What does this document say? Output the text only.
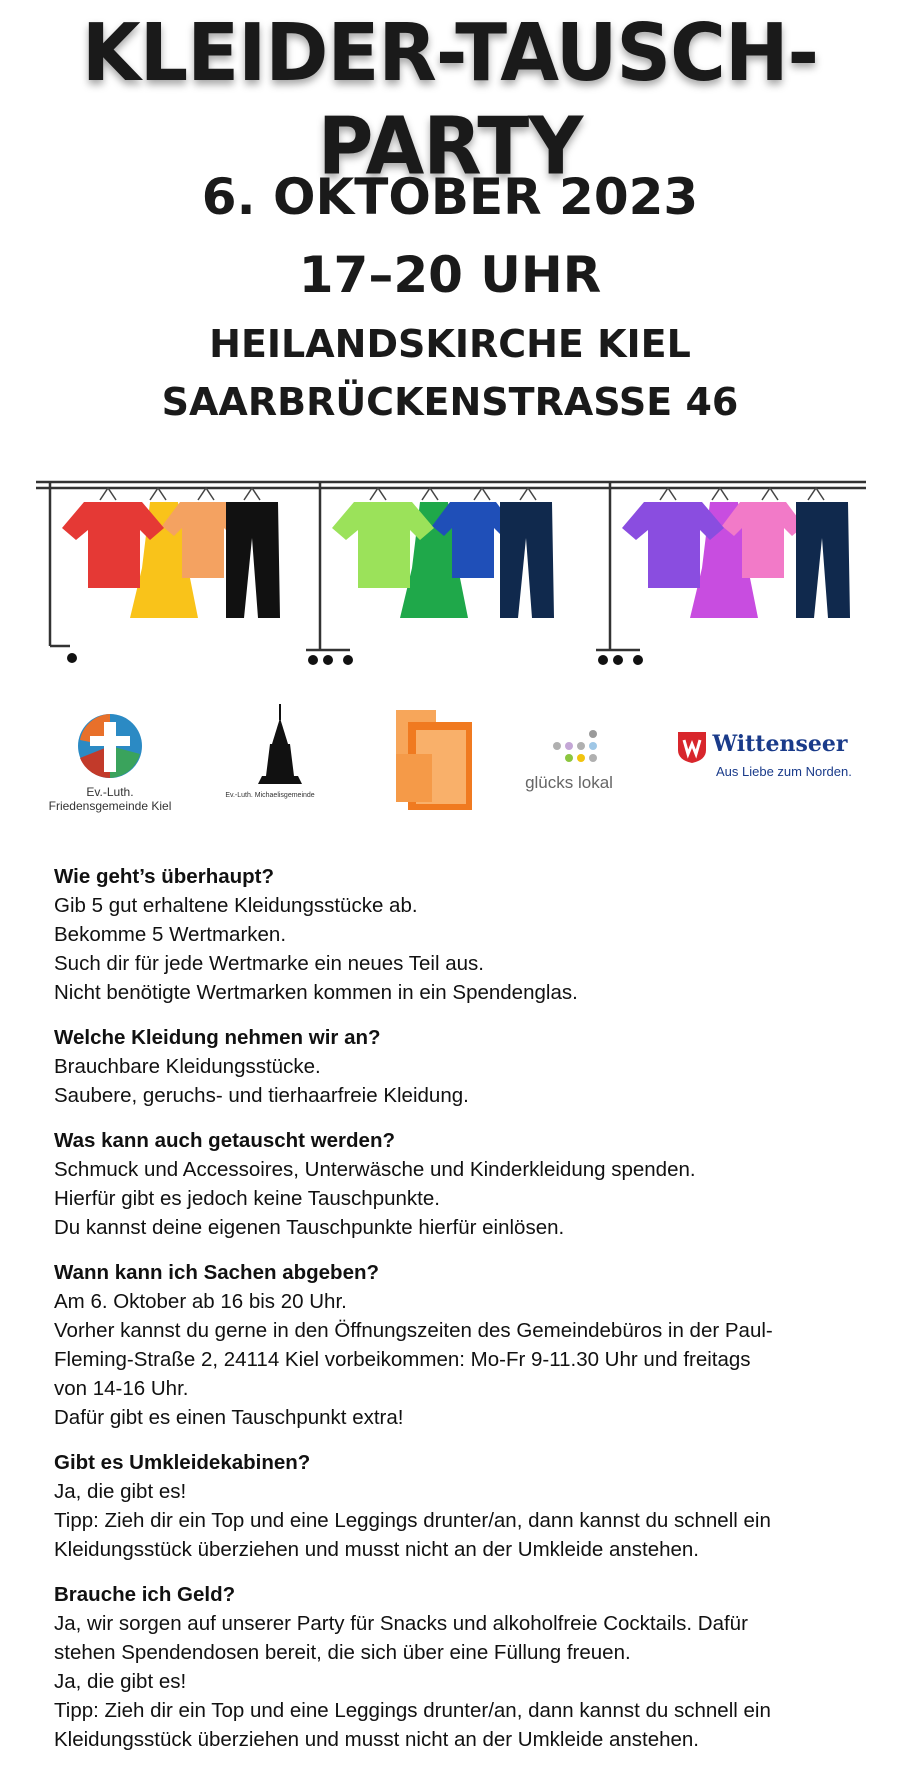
KLEIDER-TAUSCH-PARTY
6. OKTOBER 2023
17–20 UHR
HEILANDSKIRCHE KIEL
SAARBRÜCKENSTRASSE 46
Ev.-Luth.
Friedensgemeinde Kiel
Ev.-Luth. Michaelisgemeinde
glücks lokal
Wittenseer
Aus Liebe zum Norden.
Wie geht’s überhaupt?
Gib 5 gut erhaltene Kleidungsstücke ab.
Bekomme 5 Wertmarken.
Such dir für jede Wertmarke ein neues Teil aus.
Nicht benötigte Wertmarken kommen in ein Spendenglas.
Welche Kleidung nehmen wir an?
Brauchbare Kleidungsstücke.
Saubere, geruchs- und tierhaarfreie Kleidung.
Was kann auch getauscht werden?
Schmuck und Accessoires, Unterwäsche und Kinderkleidung spenden.
Hierfür gibt es jedoch keine Tauschpunkte.
Du kannst deine eigenen Tauschpunkte hierfür einlösen.
Wann kann ich Sachen abgeben?
Am 6. Oktober ab 16 bis 20 Uhr.
Vorher kannst du gerne in den Öffnungszeiten des Gemeindebüros in der Paul-
Fleming-Straße 2, 24114 Kiel vorbeikommen: Mo-Fr 9-11.30 Uhr und freitags
von 14-16 Uhr.
Dafür gibt es einen Tauschpunkt extra!
Gibt es Umkleidekabinen?
Ja, die gibt es!
Tipp: Zieh dir ein Top und eine Leggings drunter/an, dann kannst du schnell ein
Kleidungsstück überziehen und musst nicht an der Umkleide anstehen.
Brauche ich Geld?
Ja, wir sorgen auf unserer Party für Snacks und alkoholfreie Cocktails. Dafür
stehen Spendendosen bereit, die sich über eine Füllung freuen.
Ja, die gibt es!
Tipp: Zieh dir ein Top und eine Leggings drunter/an, dann kannst du schnell ein
Kleidungsstück überziehen und musst nicht an der Umkleide anstehen.
